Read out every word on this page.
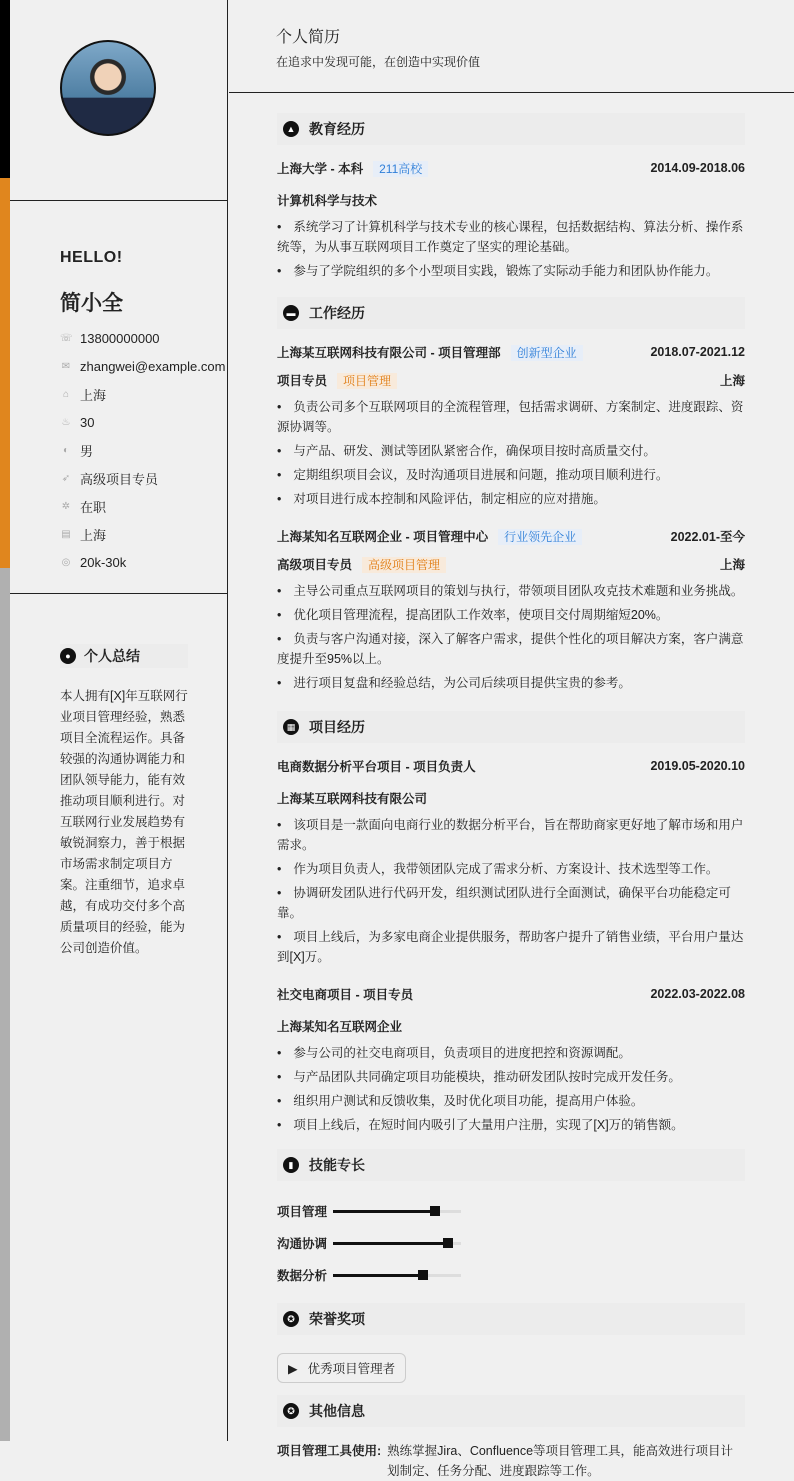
HELLO!
简小全
☏ 13800000000
✉ zhangwei@example.com
⌂ 上海
♨ 30
◐ 男
➶ 高级项目专员
✲ 在职
▤ 上海
◎ 20k-30k
● 个人总结
本人拥有[X]年互联网行业项目管理经验，熟悉项目全流程运作。具备较强的沟通协调能力和团队领导能力，能有效推动项目顺利进行。对互联网行业发展趋势有敏锐洞察力，善于根据市场需求制定项目方案。注重细节，追求卓越，有成功交付多个高质量项目的经验，能为公司创造价值。
个人简历

在追求中发现可能，在创造中实现价值

▲ 教育经历
上海大学 - 本科 211高校	2014.09-2018.06
计算机科学与技术
• 系统学习了计算机科学与技术专业的核心课程，包括数据结构、算法分析、操作系统等，为从事互联网项目工作奠定了坚实的理论基础。
• 参与了学院组织的多个小型项目实践，锻炼了实际动手能力和团队协作能力。
▬ 工作经历
上海某互联网科技有限公司 - 项目管理部 创新型企业	2018.07-2021.12
项目专员 项目管理	上海
• 负责公司多个互联网项目的全流程管理，包括需求调研、方案制定、进度跟踪、资源协调等。
• 与产品、研发、测试等团队紧密合作，确保项目按时高质量交付。
• 定期组织项目会议，及时沟通项目进展和问题，推动项目顺利进行。
• 对项目进行成本控制和风险评估，制定相应的应对措施。
上海某知名互联网企业 - 项目管理中心 行业领先企业	2022.01-至今
高级项目专员 高级项目管理	上海
• 主导公司重点互联网项目的策划与执行，带领项目团队攻克技术难题和业务挑战。
• 优化项目管理流程，提高团队工作效率，使项目交付周期缩短20%。
• 负责与客户沟通对接，深入了解客户需求，提供个性化的项目解决方案，客户满意度提升至95%以上。
• 进行项目复盘和经验总结，为公司后续项目提供宝贵的参考。
▦ 项目经历
电商数据分析平台项目 - 项目负责人	2019.05-2020.10
上海某互联网科技有限公司
• 该项目是一款面向电商行业的数据分析平台，旨在帮助商家更好地了解市场和用户需求。
• 作为项目负责人，我带领团队完成了需求分析、方案设计、技术选型等工作。
• 协调研发团队进行代码开发，组织测试团队进行全面测试，确保平台功能稳定可靠。
• 项目上线后，为多家电商企业提供服务，帮助客户提升了销售业绩，平台用户量达到[X]万。
社交电商项目 - 项目专员	2022.03-2022.08
上海某知名互联网企业
• 参与公司的社交电商项目，负责项目的进度把控和资源调配。
• 与产品团队共同确定项目功能模块，推动研发团队按时完成开发任务。
• 组织用户测试和反馈收集，及时优化项目功能，提高用户体验。
• 项目上线后，在短时间内吸引了大量用户注册，实现了[X]万的销售额。
▮	技能专长
项目管理
沟通协调
数据分析
✪	荣誉奖项
▶ 优秀项目管理者
✪	其他信息
项目管理工具使用: 熟练掌握Jira、Confluence等项目管理工具，能高效进行项目计划制定、任务分配、进度跟踪等工作。
